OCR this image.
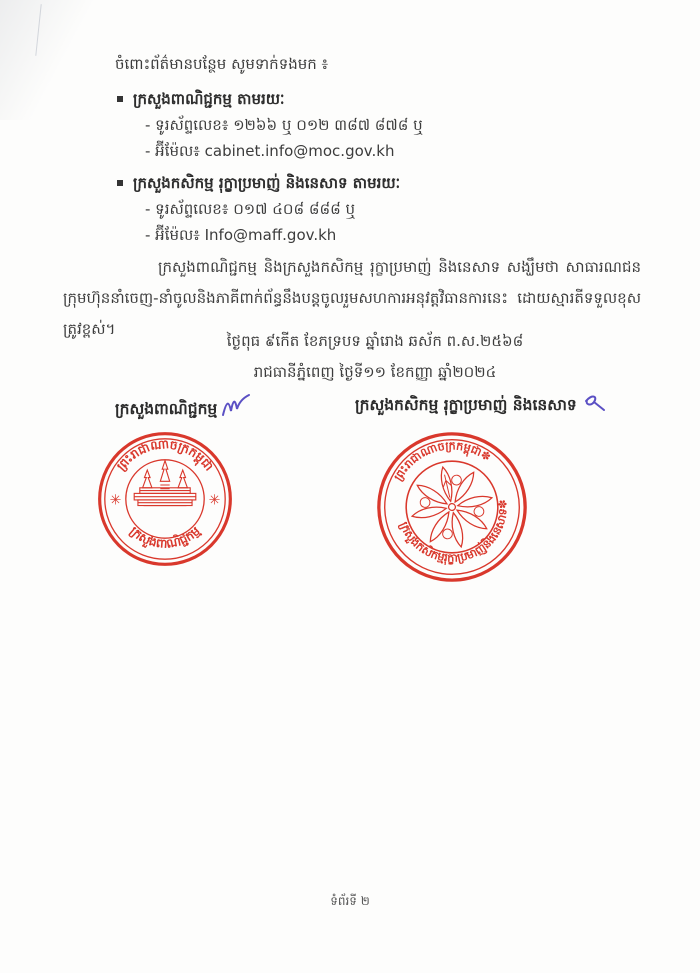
ចំពោះព័ត៌មានបន្ថែម សូមទាក់ទងមក ៖
ក្រសួងពាណិជ្ជកម្ម តាមរយៈ
- ទូរស័ព្ទលេខ៖ ១២៦៦ ឬ ០១២ ៣៨៧ ៨៧៨ ឬ
- អ៊ីម៉ែល៖ cabinet.info@moc.gov.kh
ក្រសួងកសិកម្ម រុក្ខាប្រមាញ់ និងនេសាទ តាមរយៈ
- ទូរស័ព្ទលេខ៖ ០១៧ ៤០៨ ៨៨៨ ឬ
- អ៊ីម៉ែល៖ Info@maff.gov.kh
ក្រសួងពាណិជ្ជកម្ម និងក្រសួងកសិកម្ម រុក្ខាប្រមាញ់ និងនេសាទ សង្ឃឹមថា សាធារណជន ក្រុមហ៊ុននាំចេញ-នាំចូលនិងភាគីពាក់ព័ន្ធនឹងបន្តចូលរួមសហការអនុវត្តវិធានការនេះ ដោយស្មារតីទទួលខុសត្រូវខ្ពស់។
ថ្ងៃពុធ ៩កើត ខែភទ្របទ ឆ្នាំរោង ឆស័ក ព.ស.២៥៦៨
រាជធានីភ្នំពេញ ថ្ងៃទី១១ ខែកញ្ញា ឆ្នាំ២០២៤
ក្រសួងពាណិជ្ជកម្ម	ក្រសួងកសិកម្ម រុក្ខាប្រមាញ់ និងនេសាទ
ព្រះរាជាណាចក្រកម្ពុជា
ក្រសួងពាណិជ្ជកម្ម
✳	✳
ព្រះរាជាណាចក្រកម្ពុជា✽
ក្រសួងកសិកម្មរុក្ខាប្រមាញ់និងនេសាទ✽
ទំព័រទី ២
